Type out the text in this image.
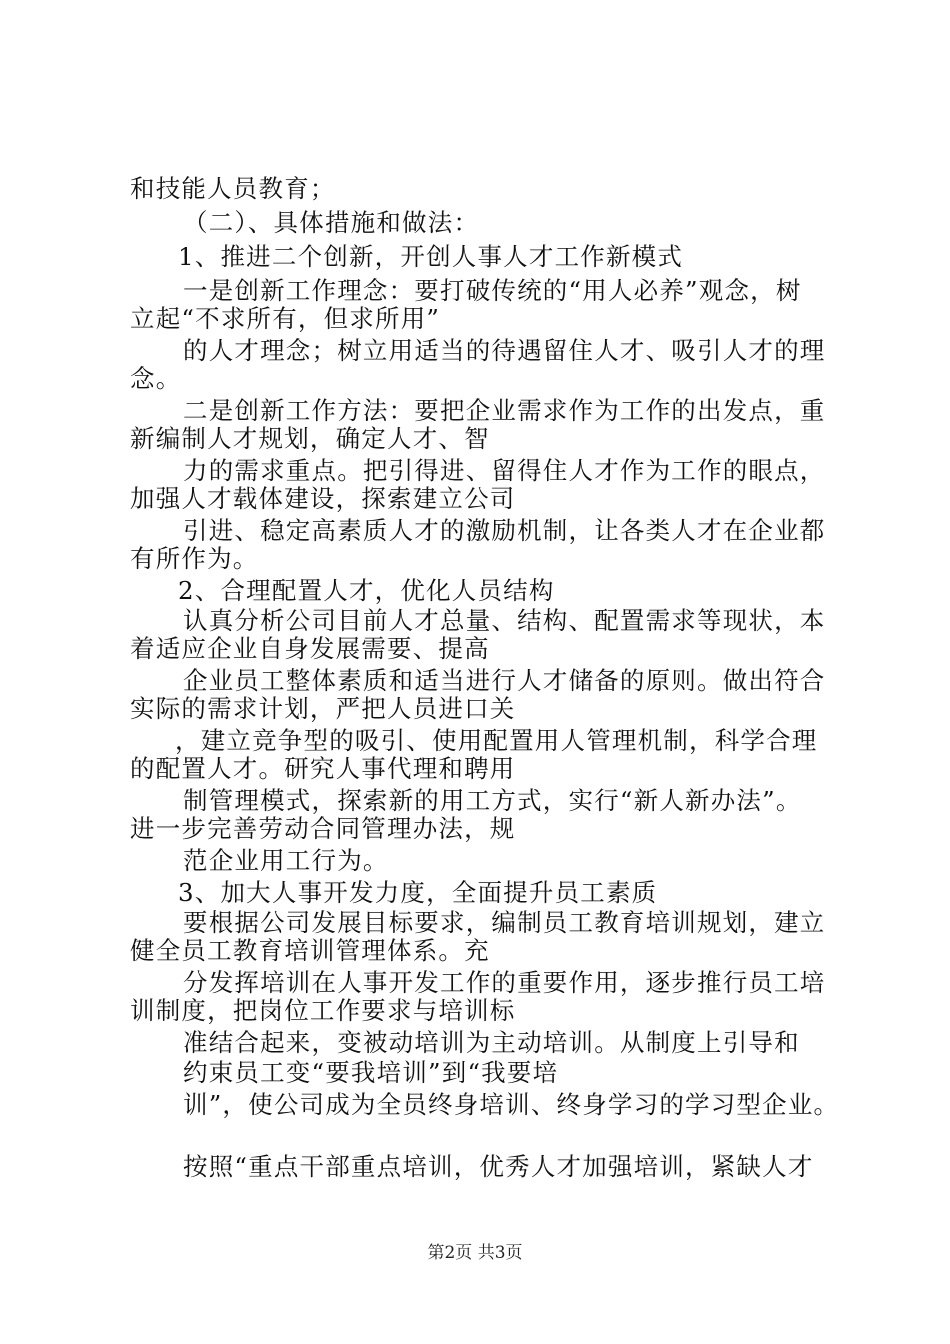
和技能人员教育；
（二）、具体措施和做法：
1、推进二个创新，开创人事人才工作新模式
一是创新工作理念：要打破传统的“用人必养”观念，树
立起“不求所有，但求所用”
的人才理念；树立用适当的待遇留住人才、吸引人才的理
念。
二是创新工作方法：要把企业需求作为工作的出发点，重
新编制人才规划，确定人才、智
力的需求重点。把引得进、留得住人才作为工作的眼点，
加强人才载体建设，探索建立公司
引进、稳定高素质人才的激励机制，让各类人才在企业都
有所作为。
2、合理配置人才，优化人员结构
认真分析公司目前人才总量、结构、配置需求等现状，本
着适应企业自身发展需要、提高
企业员工整体素质和适当进行人才储备的原则。做出符合
实际的需求计划，严把人员进口关
，建立竞争型的吸引、使用配置用人管理机制，科学合理
的配置人才。研究人事代理和聘用
制管理模式，探索新的用工方式，实行“新人新办法”。
进一步完善劳动合同管理办法，规
范企业用工行为。
3、加大人事开发力度，全面提升员工素质
要根据公司发展目标要求，编制员工教育培训规划，建立
健全员工教育培训管理体系。充
分发挥培训在人事开发工作的重要作用，逐步推行员工培
训制度，把岗位工作要求与培训标
准结合起来，变被动培训为主动培训。从制度上引导和
约束员工变“要我培训”到“我要培
训”，使公司成为全员终身培训、终身学习的学习型企业。
按照“重点干部重点培训，优秀人才加强培训，紧缺人才
第2页 共3页
